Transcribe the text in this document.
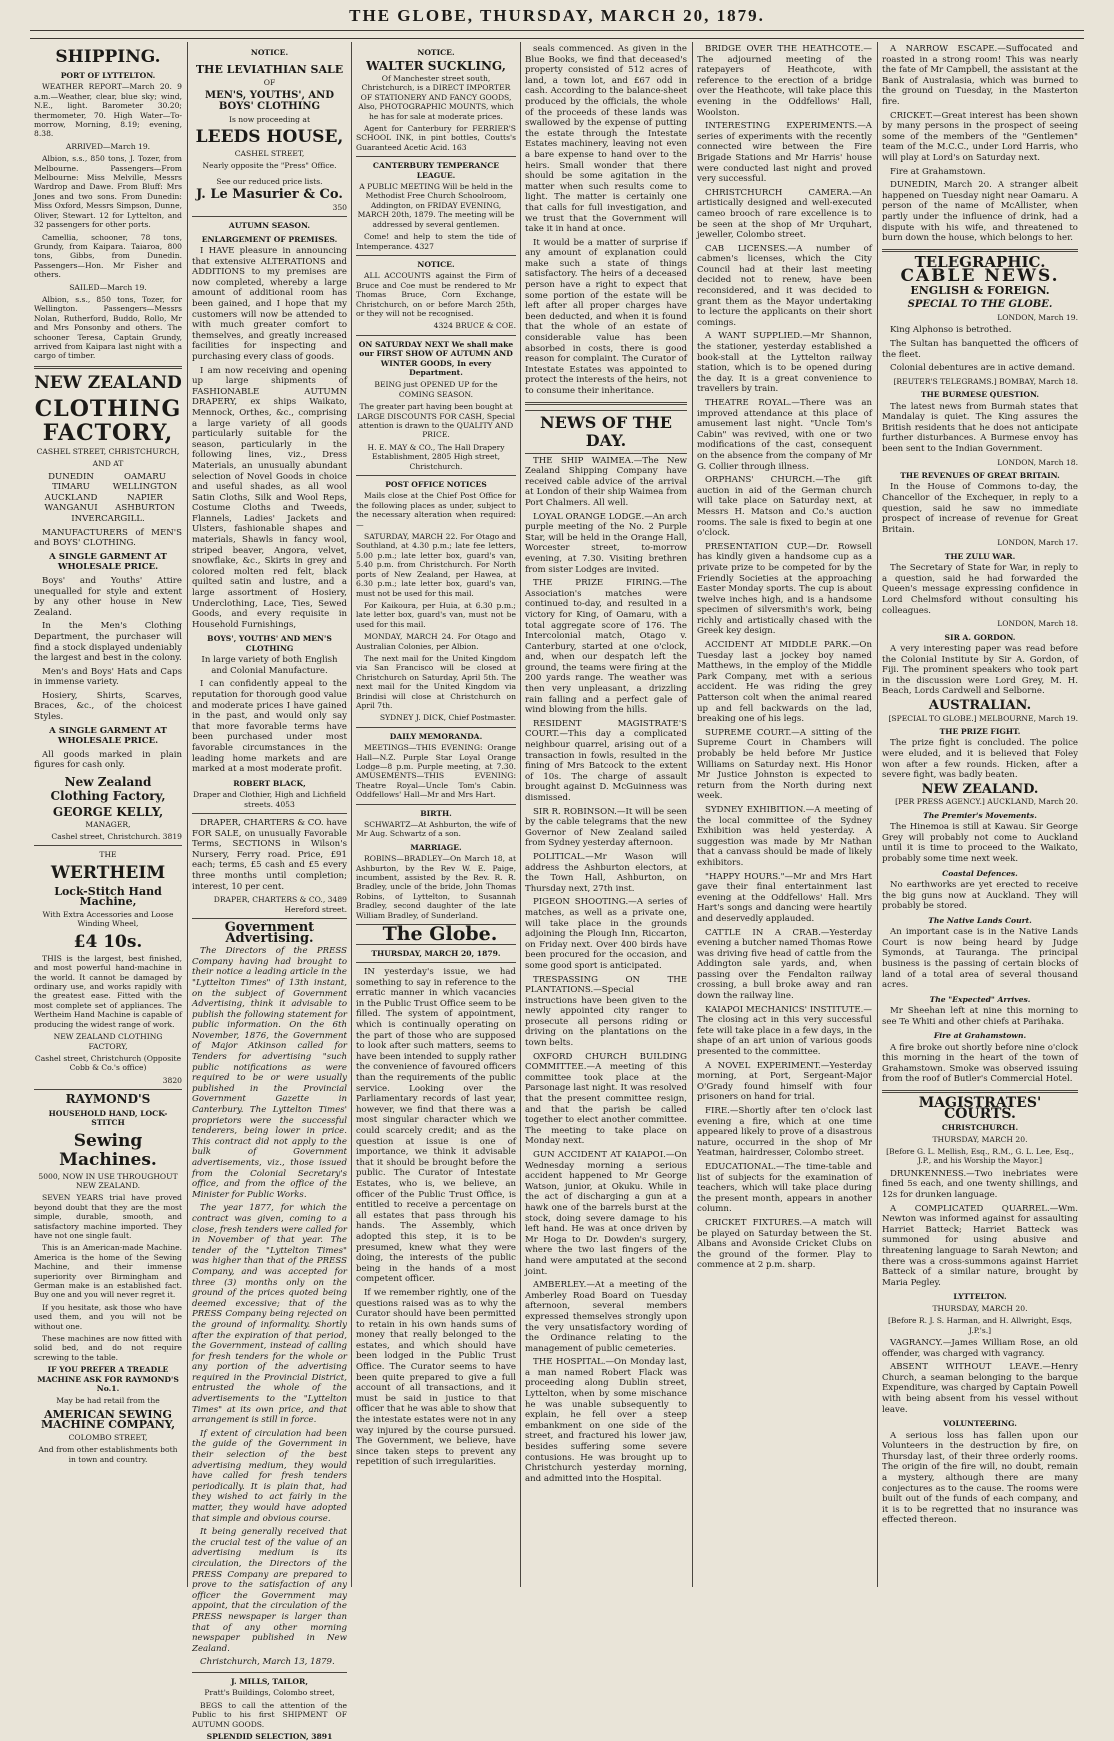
THE GLOBE, THURSDAY, MARCH 20, 1879.

SHIPPING.

PORT OF LYTTELTON.

WEATHER REPORT—March 20. 9 a.m.—Weather, clear, blue sky; wind, N.E., light. Barometer 30.20; thermometer, 70. High Water—To-morrow, Morning, 8.19; evening, 8.38.

ARRIVED—March 19.

Albion, s.s., 850 tons, J. Tozer, from Melbourne. Passengers—From Melbourne: Miss Melville, Messrs Wardrop and Dawe. From Bluff: Mrs Jones and two sons. From Dunedin: Miss Oxford, Messrs Simpson, Dunne, Oliver, Stewart. 12 for Lyttelton, and 32 passengers for other ports.

Camellia, schooner, 78 tons, Grundy, from Kaipara. Taiaroa, 800 tons, Gibbs, from Dunedin. Passengers—Hon. Mr Fisher and others.

SAILED—March 19.

Albion, s.s., 850 tons, Tozer, for Wellington. Passengers—Messrs Nolan, Rutherford, Buddo, Rollo, Mr and Mrs Ponsonby and others. The schooner Teresa, Captain Grundy, arrived from Kaipara last night with a cargo of timber.

NEW ZEALAND

CLOTHING FACTORY,

CASHEL STREET, CHRISTCHURCH,

AND AT

DUNEDIN	OAMARU
TIMARU	WELLINGTON
AUCKLAND	NAPIER
WANGANUI	ASHBURTON
INVERCARGILL.

MANUFACTURERS of MEN'S and BOYS' CLOTHING.

A SINGLE GARMENT AT WHOLESALE PRICE.

Boys' and Youths' Attire unequalled for style and extent by any other house in New Zealand.

In the Men's Clothing Department, the purchaser will find a stock displayed undeniably the largest and best in the colony.

Men's and Boys' Hats and Caps in immense variety.

Hosiery, Shirts, Scarves, Braces, &c., of the choicest Styles.

A SINGLE GARMENT AT WHOLESALE PRICE.

All goods marked in plain figures for cash only.

New Zealand Clothing Factory,

GEORGE KELLY,

MANAGER,

Cashel street, Christchurch. 3819

THE

WERTHEIM

Lock-Stitch Hand Machine,

With Extra Accessories and Loose Winding Wheel,

£4 10s.

THIS is the largest, best finished, and most powerful hand-machine in the world. It cannot be damaged by ordinary use, and works rapidly with the greatest ease. Fitted with the most complete set of appliances. The Wertheim Hand Machine is capable of producing the widest range of work.

NEW ZEALAND CLOTHING FACTORY,

Cashel street, Christchurch (Opposite Cobb & Co.'s office)

3820

RAYMOND'S

HOUSEHOLD HAND, LOCK-STITCH

Sewing Machines.

5000, NOW IN USE THROUGHOUT NEW ZEALAND.

SEVEN YEARS trial have proved beyond doubt that they are the most simple, durable, smooth, and satisfactory machine imported. They have not one single fault.

This is an American-made Machine. America is the home of the Sewing Machine, and their immense superiority over Birmingham and German make is an established fact. Buy one and you will never regret it.

If you hesitate, ask those who have used them, and you will not be without one.

These machines are now fitted with solid bed, and do not require screwing to the table.

IF YOU PREFER A TREADLE MACHINE ASK FOR RAYMOND'S No.1.

May be had retail from the

AMERICAN SEWING MACHINE COMPANY,

COLOMBO STREET,

And from other establishments both in town and country.

NOTICE.

THE LEVIATHIAN SALE

OF

MEN'S, YOUTHS', AND BOYS' CLOTHING

Is now proceeding at

LEEDS HOUSE,

CASHEL STREET,

Nearly opposite the "Press" Office.

See our reduced price lists.

J. Le Masurier & Co.

350

AUTUMN SEASON.

ENLARGEMENT OF PREMISES.

I HAVE pleasure in announcing that extensive ALTERATIONS and ADDITIONS to my premises are now completed, whereby a large amount of additional room has been gained, and I hope that my customers will now be attended to with much greater comfort to themselves, and greatly increased facilities for inspecting and purchasing every class of goods.

I am now receiving and opening up large shipments of FASHIONABLE AUTUMN DRAPERY, ex ships Waikato, Mennock, Orthes, &c., comprising a large variety of all goods particularly suitable for the season, particularly in the following lines, viz., Dress Materials, an unusually abundant selection of Novel Goods in choice and useful shades, as all wool Satin Cloths, Silk and Wool Reps, Costume Cloths and Tweeds, Flannels, Ladies' Jackets and Ulsters, fashionable shapes and materials, Shawls in fancy wool, striped beaver, Angora, velvet, snowflake, &c., Skirts in grey and colored molten red felt, black quilted satin and lustre, and a large assortment of Hosiery, Underclothing, Lace, Ties, Sewed Goods, and every requisite in Household Furnishings,

BOYS', YOUTHS' AND MEN'S CLOTHING

In large variety of both English and Colonial Manufacture.

I can confidently appeal to the reputation for thorough good value and moderate prices I have gained in the past, and would only say that more favorable terms have been purchased under most favorable circumstances in the leading home markets and are marked at a most moderate profit.

ROBERT BLACK,

Draper and Clothier, High and Lichfield streets. 4053

DRAPER, CHARTERS & CO. have FOR SALE, on unusually Favorable Terms, SECTIONS in Wilson's Nursery, Ferry road. Price, £91 each; terms, £5 cash and £5 every three months until completion; interest, 10 per cent.

DRAPER, CHARTERS & CO., 3489 Hereford street.

Government Advertising.

The Directors of the PRESS Company having had brought to their notice a leading article in the "Lyttelton Times" of 13th instant, on the subject of Government Advertising, think it advisable to publish the following statement for public information. On the 6th November, 1876, the Government of Major Atkinson called for Tenders for advertising "such public notifications as were required to be or were usually published in the Provincial Government Gazette in Canterbury. The Lyttelton Times' proprietors were the successful tenderers, being lower in price. This contract did not apply to the bulk of Government advertisements, viz., those issued from the Colonial Secretary's office, and from the office of the Minister for Public Works.

The year 1877, for which the contract was given, coming to a close, fresh tenders were called for in November of that year. The tender of the "Lyttelton Times" was higher than that of the PRESS Company, and was accepted for three (3) months only on the ground of the prices quoted being deemed excessive; that of the PRESS Company being rejected on the ground of informality. Shortly after the expiration of that period, the Government, instead of calling for fresh tenders for the whole or any portion of the advertising required in the Provincial District, entrusted the whole of the advertisements to the "Lyttelton Times" at its own price, and that arrangement is still in force.

If extent of circulation had been the guide of the Government in their selection of the best advertising medium, they would have called for fresh tenders periodically. It is plain that, had they wished to act fairly in the matter, they would have adopted that simple and obvious course.

It being generally received that the crucial test of the value of an advertising medium is its circulation, the Directors of the PRESS Company are prepared to prove to the satisfaction of any officer the Government may appoint, that the circulation of the PRESS newspaper is larger than that of any other morning newspaper published in New Zealand.

Christchurch, March 13, 1879.

J. MILLS, TAILOR,

Pratt's Buildings, Colombo street,

BEGS to call the attention of the Public to his first SHIPMENT OF AUTUMN GOODS.

SPLENDID SELECTION, 3891

NOTICE.

WALTER SUCKLING,

Of Manchester street south, Christchurch, is a DIRECT IMPORTER OF STATIONERY AND FANCY GOODS, Also, PHOTOGRAPHIC MOUNTS, which he has for sale at moderate prices.

Agent for Canterbury for FERRIER'S SCHOOL INK, in pint bottles, Coutts's Guaranteed Acetic Acid. 163

CANTERBURY TEMPERANCE LEAGUE.

A PUBLIC MEETING Will be held in the Methodist Free Church Schoolroom, Addington, on FRIDAY EVENING, MARCH 20th, 1879. The meeting will be addressed by several gentlemen.

Come! and help to stem the tide of Intemperance. 4327

NOTICE.

ALL ACCOUNTS against the Firm of Bruce and Coe must be rendered to Mr Thomas Bruce, Corn Exchange, Christchurch, on or before March 25th, or they will not be recognised.

4324 BRUCE & COE.

ON SATURDAY NEXT We shall make our FIRST SHOW OF AUTUMN AND WINTER GOODS, In every Department.

BEING just OPENED UP for the COMING SEASON.

The greater part having been bought at LARGE DISCOUNTS FOR CASH, Special attention is drawn to the QUALITY AND PRICE.

H. E. MAY & CO., The Hall Drapery Establishment, 2805 High street, Christchurch.

POST OFFICE NOTICES

Mails close at the Chief Post Office for the following places as under, subject to the necessary alteration when required:—

SATURDAY, MARCH 22. For Otago and Southland, at 4.30 p.m.; late fee letters, 5.00 p.m.; late letter box, guard's van, 5.40 p.m. from Christchurch. For North ports of New Zealand, per Hawea, at 6.30 p.m.; late letter box, guard's van, must not be used for this mail.

For Kaikoura, per Huia, at 6.30 p.m.; late letter box, guard's van, must not be used for this mail.

MONDAY, MARCH 24. For Otago and Australian Colonies, per Albion.

The next mail for the United Kingdom via San Francisco will be closed at Christchurch on Saturday, April 5th. The next mail for the United Kingdom via Brindisi will close at Christchurch on April 7th.

SYDNEY J. DICK, Chief Postmaster.

DAILY MEMORANDA.

MEETINGS—THIS EVENING: Orange Hall—N.Z. Purple Star Loyal Orange Lodge—8 p.m. Purple meeting, at 7.30. AMUSEMENTS—THIS EVENING: Theatre Royal—Uncle Tom's Cabin. Oddfellows' Hall—Mr and Mrs Hart.

BIRTH.

SCHWARTZ—At Ashburton, the wife of Mr Aug. Schwartz of a son.

MARRIAGE.

ROBINS—BRADLEY—On March 18, at Ashburton, by the Rev W. E. Paige, incumbent, assisted by the Rev. R. R. Bradley, uncle of the bride, John Thomas Robins, of Lyttelton, to Susannah Bradley, second daughter of the late William Bradley, of Sunderland.

The Globe.

THURSDAY, MARCH 20, 1879.

IN yesterday's issue, we had something to say in reference to the erratic manner in which vacancies in the Public Trust Office seem to be filled. The system of appointment, which is continually operating on the part of those who are supposed to look after such matters, seems to have been intended to supply rather the convenience of favoured officers than the requirements of the public service. Looking over the Parliamentary records of last year, however, we find that there was a most singular character which we could scarcely credit; and as the question at issue is one of importance, we think it advisable that it should be brought before the public. The Curator of Intestate Estates, who is, we believe, an officer of the Public Trust Office, is entitled to receive a percentage on all estates that pass through his hands. The Assembly, which adopted this step, it is to be presumed, knew what they were doing, the interests of the public being in the hands of a most competent officer.

If we remember rightly, one of the questions raised was as to why the Curator should have been permitted to retain in his own hands sums of money that really belonged to the estates, and which should have been lodged in the Public Trust Office. The Curator seems to have been quite prepared to give a full account of all transactions, and it must be said in justice to that officer that he was able to show that the intestate estates were not in any way injured by the course pursued. The Government, we believe, have since taken steps to prevent any repetition of such irregularities.

seals commenced. As given in the Blue Books, we find that deceased's property consisted of 512 acres of land, a town lot, and £67 odd in cash. According to the balance-sheet produced by the officials, the whole of the proceeds of these lands was swallowed by the expense of putting the estate through the Intestate Estates machinery, leaving not even a bare expense to hand over to the heirs. Small wonder that there should be some agitation in the matter when such results come to light. The matter is certainly one that calls for full investigation, and we trust that the Government will take it in hand at once.

It would be a matter of surprise if any amount of explanation could make such a state of things satisfactory. The heirs of a deceased person have a right to expect that some portion of the estate will be left after all proper charges have been deducted, and when it is found that the whole of an estate of considerable value has been absorbed in costs, there is good reason for complaint. The Curator of Intestate Estates was appointed to protect the interests of the heirs, not to consume their inheritance.

NEWS OF THE DAY.

THE SHIP WAIMEA.—The New Zealand Shipping Company have received cable advice of the arrival at London of their ship Waimea from Port Chalmers. All well.

LOYAL ORANGE LODGE.—An arch purple meeting of the No. 2 Purple Star, will be held in the Orange Hall, Worcester street, to-morrow evening, at 7.30. Visiting brethren from sister Lodges are invited.

THE PRIZE FIRING.—The Association's matches were continued to-day, and resulted in a victory for King, of Oamaru, with a total aggregate score of 176. The Intercolonial match, Otago v. Canterbury, started at one o'clock, and, when our despatch left the ground, the teams were firing at the 200 yards range. The weather was then very unpleasant, a drizzling rain falling and a perfect gale of wind blowing from the hills.

RESIDENT MAGISTRATE'S COURT.—This day a complicated neighbour quarrel, arising out of a transaction in fowls, resulted in the fining of Mrs Batcock to the extent of 10s. The charge of assault brought against D. McGuinness was dismissed.

SIR R. ROBINSON.—It will be seen by the cable telegrams that the new Governor of New Zealand sailed from Sydney yesterday afternoon.

POLITICAL.—Mr Wason will address the Ashburton electors, at the Town Hall, Ashburton, on Thursday next, 27th inst.

PIGEON SHOOTING.—A series of matches, as well as a private one, will take place in the grounds adjoining the Plough Inn, Riccarton, on Friday next. Over 400 birds have been procured for the occasion, and some good sport is anticipated.

TRESPASSING ON THE PLANTATIONS.—Special instructions have been given to the newly appointed city ranger to prosecute all persons riding or driving on the plantations on the town belts.

OXFORD CHURCH BUILDING COMMITTEE.—A meeting of this committee took place at the Parsonage last night. It was resolved that the present committee resign, and that the parish be called together to elect another committee. The meeting to take place on Monday next.

GUN ACCIDENT AT KAIAPOI.—On Wednesday morning a serious accident happened to Mr George Watson, junior, at Okuku. While in the act of discharging a gun at a hawk one of the barrels burst at the stock, doing severe damage to his left hand. He was at once driven by Mr Hoga to Dr. Dowden's surgery, where the two last fingers of the hand were amputated at the second joint.

AMBERLEY.—At a meeting of the Amberley Road Board on Tuesday afternoon, several members expressed themselves strongly upon the very unsatisfactory wording of the Ordinance relating to the management of public cemeteries.

THE HOSPITAL.—On Monday last, a man named Robert Flack was proceeding along Dublin street, Lyttelton, when by some mischance he was unable subsequently to explain, he fell over a steep embankment on one side of the street, and fractured his lower jaw, besides suffering some severe contusions. He was brought up to Christchurch yesterday morning, and admitted into the Hospital.

BRIDGE OVER THE HEATHCOTE.—The adjourned meeting of the ratepayers of Heathcote, with reference to the erection of a bridge over the Heathcote, will take place this evening in the Oddfellows' Hall, Woolston.

INTERESTING EXPERIMENTS.—A series of experiments with the recently connected wire between the Fire Brigade Stations and Mr Harris' house were conducted last night and proved very successful.

CHRISTCHURCH CAMERA.—An artistically designed and well-executed cameo brooch of rare excellence is to be seen at the shop of Mr Urquhart, jeweller, Colombo street.

CAB LICENSES.—A number of cabmen's licenses, which the City Council had at their last meeting decided not to renew, have been reconsidered, and it was decided to grant them as the Mayor undertaking to lecture the applicants on their short comings.

A WANT SUPPLIED.—Mr Shannon, the stationer, yesterday established a book-stall at the Lyttelton railway station, which is to be opened during the day. It is a great convenience to travellers by train.

THEATRE ROYAL.—There was an improved attendance at this place of amusement last night. "Uncle Tom's Cabin" was revived, with one or two modifications of the cast, consequent on the absence from the company of Mr G. Collier through illness.

ORPHANS' CHURCH.—The gift auction in aid of the German church will take place on Saturday next, at Messrs H. Matson and Co.'s auction rooms. The sale is fixed to begin at one o'clock.

PRESENTATION CUP.—Dr. Rowsell has kindly given a handsome cup as a private prize to be competed for by the Friendly Societies at the approaching Easter Monday sports. The cup is about twelve inches high, and is a handsome specimen of silversmith's work, being richly and artistically chased with the Greek key design.

ACCIDENT AT MIDDLE PARK.—On Tuesday last a jockey boy named Matthews, in the employ of the Middle Park Company, met with a serious accident. He was riding the grey Patterson colt when the animal reared up and fell backwards on the lad, breaking one of his legs.

SUPREME COURT.—A sitting of the Supreme Court in Chambers will probably be held before Mr Justice Williams on Saturday next. His Honor Mr Justice Johnston is expected to return from the North during next week.

SYDNEY EXHIBITION.—A meeting of the local committee of the Sydney Exhibition was held yesterday. A suggestion was made by Mr Nathan that a canvass should be made of likely exhibitors.

"HAPPY HOURS."—Mr and Mrs Hart gave their final entertainment last evening at the Oddfellows' Hall. Mrs Hart's songs and dancing were heartily and deservedly applauded.

CATTLE IN A CRAB.—Yesterday evening a butcher named Thomas Rowe was driving five head of cattle from the Addington sale yards, and, when passing over the Fendalton railway crossing, a bull broke away and ran down the railway line.

KAIAPOI MECHANICS' INSTITUTE.—The closing act in this very successful fete will take place in a few days, in the shape of an art union of various goods presented to the committee.

A NOVEL EXPERIMENT.—Yesterday morning, at Port, Sergeant-Major O'Grady found himself with four prisoners on hand for trial.

FIRE.—Shortly after ten o'clock last evening a fire, which at one time appeared likely to prove of a disastrous nature, occurred in the shop of Mr Yeatman, hairdresser, Colombo street.

EDUCATIONAL.—The time-table and list of subjects for the examination of teachers, which will take place during the present month, appears in another column.

CRICKET FIXTURES.—A match will be played on Saturday between the St. Albans and Avonside Cricket Clubs on the ground of the former. Play to commence at 2 p.m. sharp.

A NARROW ESCAPE.—Suffocated and roasted in a strong room! This was nearly the fate of Mr Campbell, the assistant at the Bank of Australasia, which was burned to the ground on Tuesday, in the Masterton fire.

CRICKET.—Great interest has been shown by many persons in the prospect of seeing some of the members of the "Gentlemen" team of the M.C.C., under Lord Harris, who will play at Lord's on Saturday next.

Fire at Grahamstown.

DUNEDIN, March 20. A stranger albeit happened on Tuesday night near Oamaru. A person of the name of McAllister, when partly under the influence of drink, had a dispute with his wife, and threatened to burn down the house, which belongs to her.

TELEGRAPHIC.

CABLE NEWS.

ENGLISH & FOREIGN.

SPECIAL TO THE GLOBE.

LONDON, March 19.

King Alphonso is betrothed.

The Sultan has banquetted the officers of the fleet.

Colonial debentures are in active demand.

[REUTER'S TELEGRAMS.] BOMBAY, March 18.

THE BURMESE QUESTION.

The latest news from Burmah states that Mandalay is quiet. The King assures the British residents that he does not anticipate further disturbances. A Burmese envoy has been sent to the Indian Government.

LONDON, March 18.

THE REVENUES OF GREAT BRITAIN.

In the House of Commons to-day, the Chancellor of the Exchequer, in reply to a question, said he saw no immediate prospect of increase of revenue for Great Britain.

LONDON, March 17.

THE ZULU WAR.

The Secretary of State for War, in reply to a question, said he had forwarded the Queen's message expressing confidence in Lord Chelmsford without consulting his colleagues.

LONDON, March 18.

SIR A. GORDON.

A very interesting paper was read before the Colonial Institute by Sir A. Gordon, of Fiji. The prominent speakers who took part in the discussion were Lord Grey, M. H. Beach, Lords Cardwell and Selborne.

AUSTRALIAN.

[SPECIAL TO GLOBE.] MELBOURNE, March 19.

THE PRIZE FIGHT.

The prize fight is concluded. The police were eluded, and it is believed that Foley won after a few rounds. Hicken, after a severe fight, was badly beaten.

NEW ZEALAND.

[PER PRESS AGENCY.] AUCKLAND, March 20.

The Premier's Movements.

The Hinemoa is still at Kawau. Sir George Grey will probably not come to Auckland until it is time to proceed to the Waikato, probably some time next week.

Coastal Defences.

No earthworks are yet erected to receive the big guns now at Auckland. They will probably be stored.

The Native Lands Court.

An important case is in the Native Lands Court is now being heard by Judge Symonds, at Tauranga. The principal business is the passing of certain blocks of land of a total area of several thousand acres.

The "Expected" Arrives.

Mr Sheehan left at nine this morning to see Te Whiti and other chiefs at Parihaka.

Fire at Grahamstown.

A fire broke out shortly before nine o'clock this morning in the heart of the town of Grahamstown. Smoke was observed issuing from the roof of Butler's Commercial Hotel.

MAGISTRATES' COURTS.

CHRISTCHURCH.

THURSDAY, MARCH 20.

[Before G. L. Mellish, Esq., R.M., G. L. Lee, Esq., J.P., and his Worship the Mayor.]

DRUNKENNESS.—Two inebriates were fined 5s each, and one twenty shillings, and 12s for drunken language.

A COMPLICATED QUARREL.—Wm. Newton was informed against for assaulting Harriet Batteck; Harriet Batteck was summoned for using abusive and threatening language to Sarah Newton; and there was a cross-summons against Harriet Batteck of a similar nature, brought by Maria Pegley.

LYTTELTON.

THURSDAY, MARCH 20.

[Before R. J. S. Harman, and H. Allwright, Esqs, J.P.'s.]

VAGRANCY.—James William Rose, an old offender, was charged with vagrancy.

ABSENT WITHOUT LEAVE.—Henry Church, a seaman belonging to the barque Expenditure, was charged by Captain Powell with being absent from his vessel without leave.

VOLUNTEERING.

A serious loss has fallen upon our Volunteers in the destruction by fire, on Thursday last, of their three orderly rooms. The origin of the fire will, no doubt, remain a mystery, although there are many conjectures as to the cause. The rooms were built out of the funds of each company, and it is to be regretted that no insurance was effected thereon.
